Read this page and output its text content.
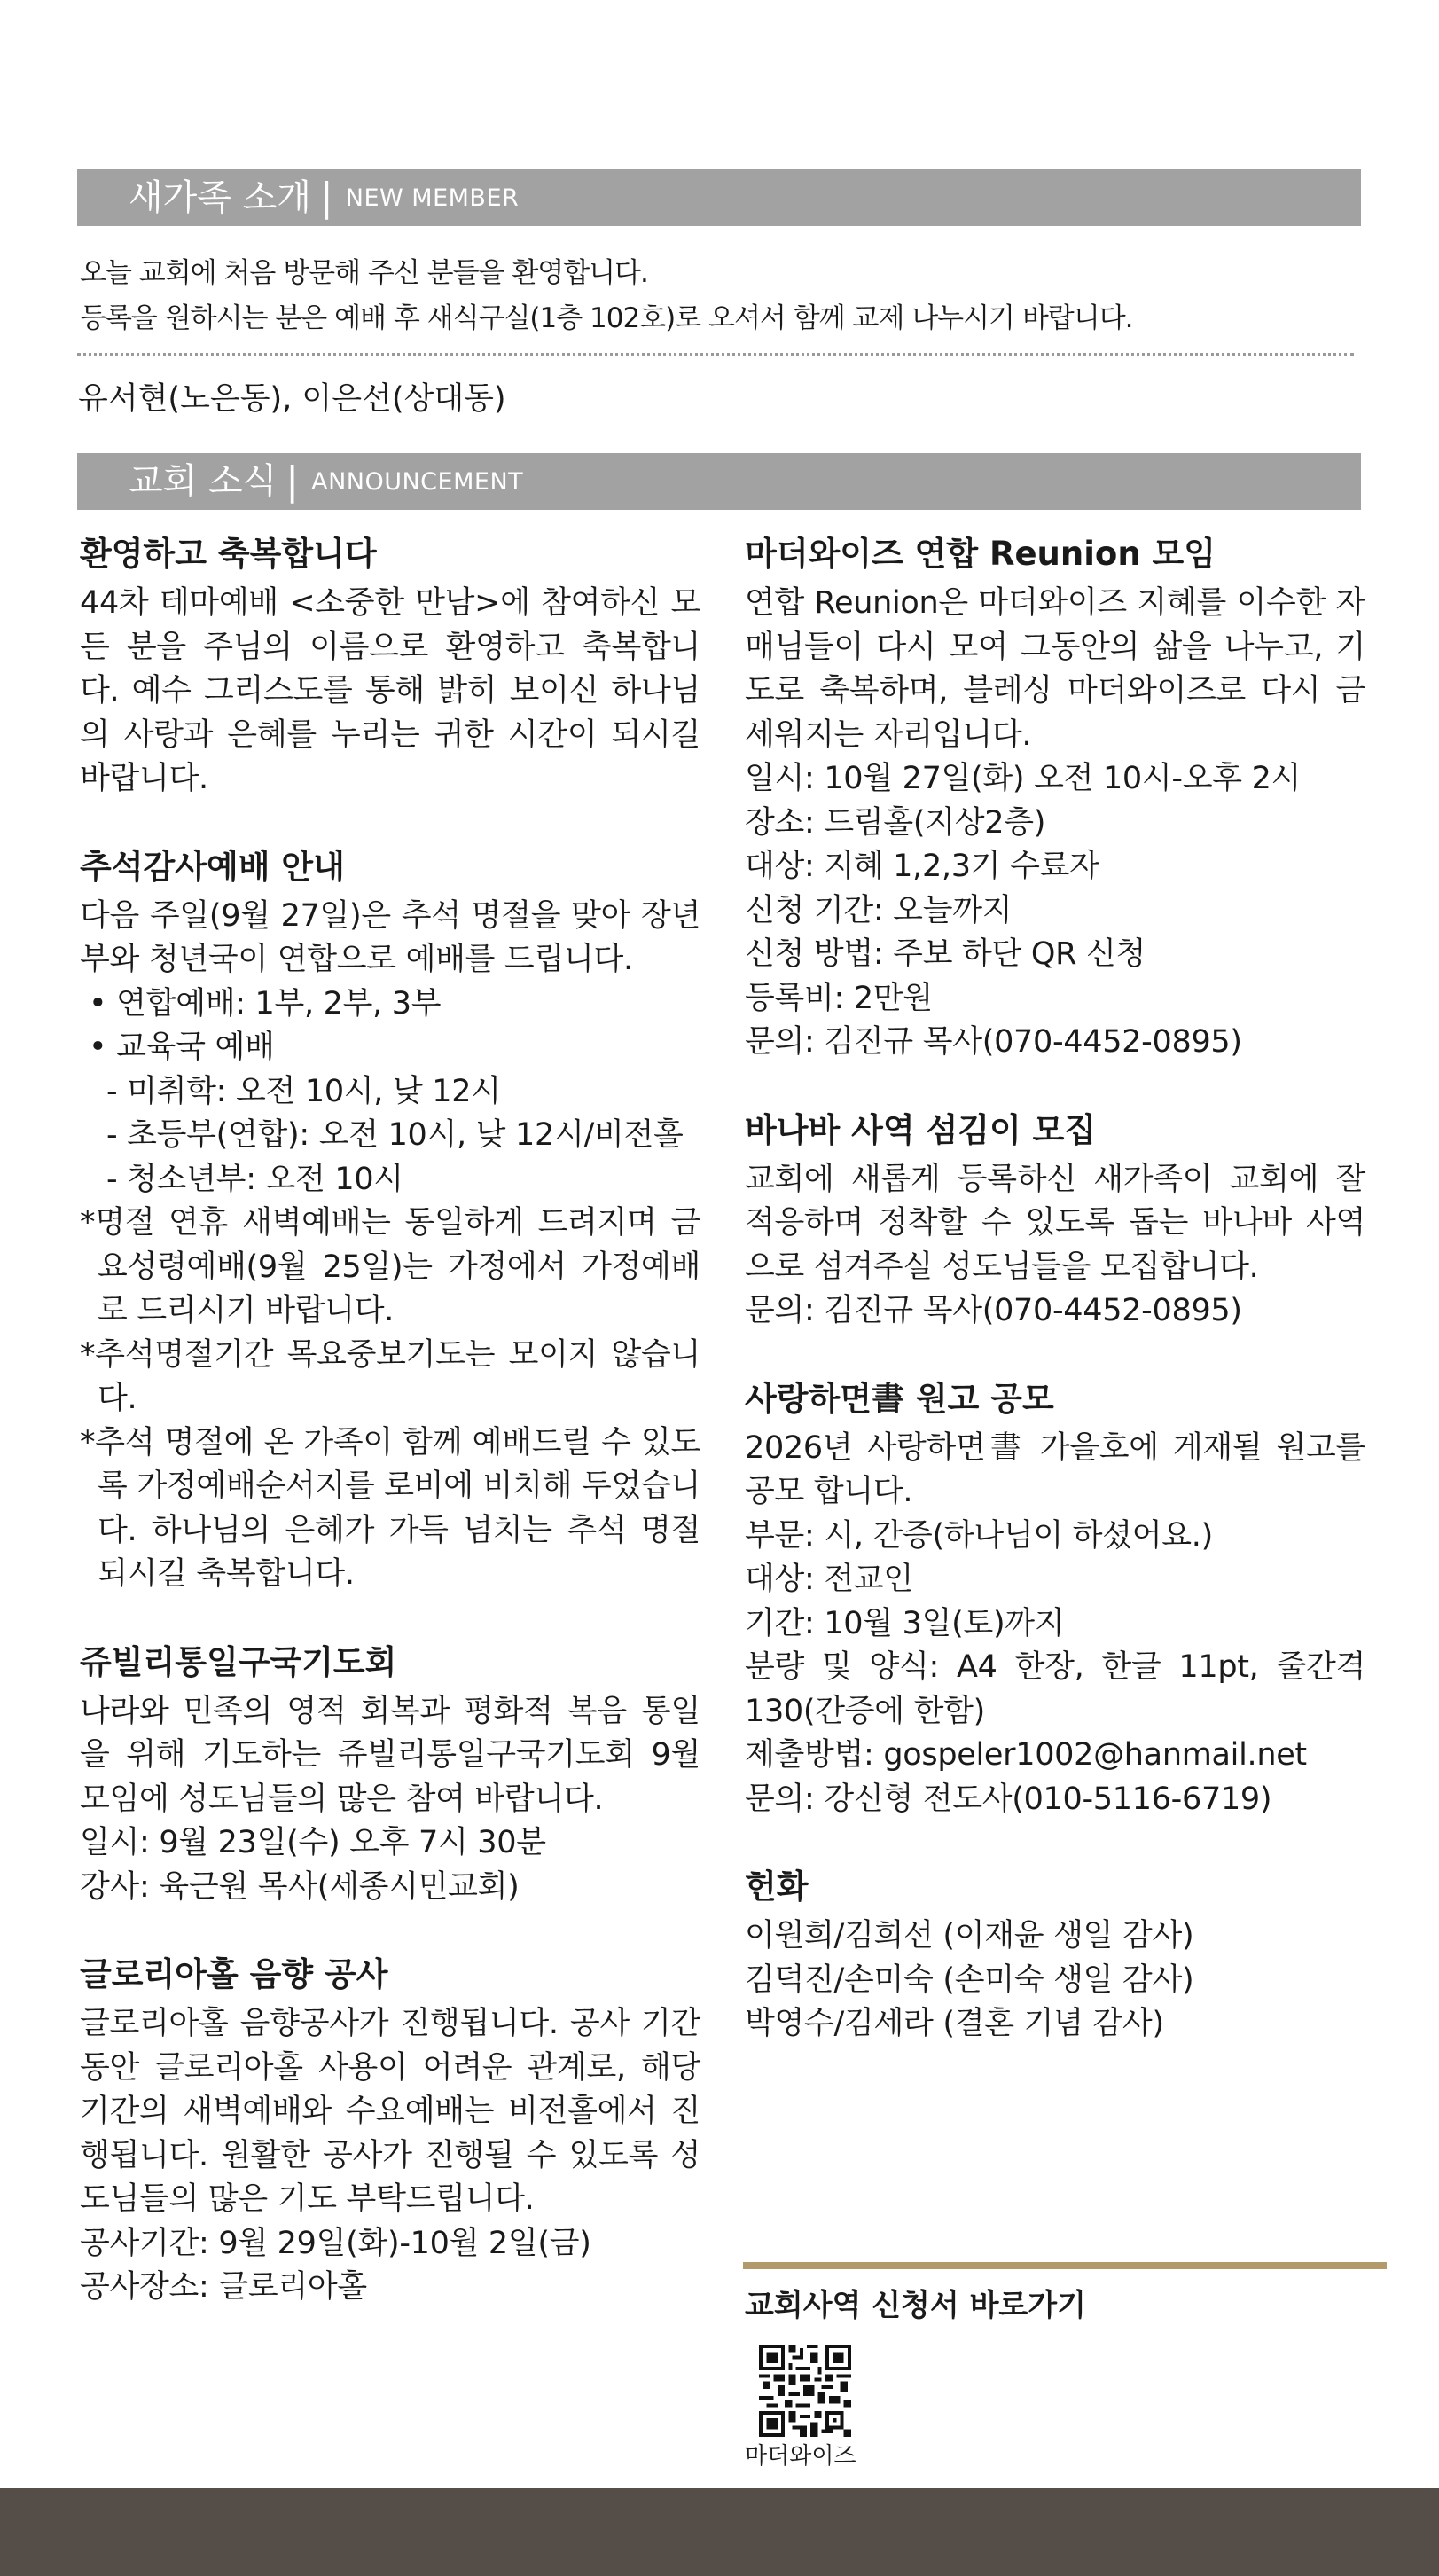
새가족 소개 | NEW MEMBER
오늘 교회에 처음 방문해 주신 분들을 환영합니다.
등록을 원하시는 분은 예배 후 새식구실(1층 102호)로 오셔서 함께 교제 나누시기 바랍니다.
유서현(노은동), 이은선(상대동)
교회 소식 | ANNOUNCEMENT
환영하고 축복합니다
44차 테마예배 <소중한 만남>에 참여하신 모든 분을 주님의 이름으로 환영하고 축복합니다. 예수 그리스도를 통해 밝히 보이신 하나님의 사랑과 은혜를 누리는 귀한 시간이 되시길 바랍니다.
추석감사예배 안내
다음 주일(9월 27일)은 추석 명절을 맞아 장년부와 청년국이 연합으로 예배를 드립니다.
• 연합예배: 1부, 2부, 3부
• 교육국 예배
- 미취학: 오전 10시, 낮 12시
- 초등부(연합): 오전 10시, 낮 12시/비전홀
- 청소년부: 오전 10시
*명절 연휴 새벽예배는 동일하게 드려지며 금요성령예배(9월 25일)는 가정에서 가정예배로 드리시기 바랍니다.
*추석명절기간 목요중보기도는 모이지 않습니다.
*추석 명절에 온 가족이 함께 예배드릴 수 있도록 가정예배순서지를 로비에 비치해 두었습니다. 하나님의 은혜가 가득 넘치는 추석 명절 되시길 축복합니다.
쥬빌리통일구국기도회
나라와 민족의 영적 회복과 평화적 복음 통일을 위해 기도하는 쥬빌리통일구국기도회 9월 모임에 성도님들의 많은 참여 바랍니다.
일시: 9월 23일(수) 오후 7시 30분
강사: 육근원 목사(세종시민교회)
글로리아홀 음향 공사
글로리아홀 음향공사가 진행됩니다. 공사 기간 동안 글로리아홀 사용이 어려운 관계로, 해당 기간의 새벽예배와 수요예배는 비전홀에서 진행됩니다. 원활한 공사가 진행될 수 있도록 성도님들의 많은 기도 부탁드립니다.
공사기간: 9월 29일(화)-10월 2일(금)
공사장소: 글로리아홀
마더와이즈 연합 Reunion 모임
연합 Reunion은 마더와이즈 지혜를 이수한 자매님들이 다시 모여 그동안의 삶을 나누고, 기도로 축복하며, 블레싱 마더와이즈로 다시 금 세워지는 자리입니다.
일시: 10월 27일(화) 오전 10시-오후 2시
장소: 드림홀(지상2층)
대상: 지혜 1,2,3기 수료자
신청 기간: 오늘까지
신청 방법: 주보 하단 QR 신청
등록비: 2만원
문의: 김진규 목사(070-4452-0895)
바나바 사역 섬김이 모집
교회에 새롭게 등록하신 새가족이 교회에 잘 적응하며 정착할 수 있도록 돕는 바나바 사역으로 섬겨주실 성도님들을 모집합니다.
문의: 김진규 목사(070-4452-0895)
사랑하면書 원고 공모
2026년 사랑하면書 가을호에 게재될 원고를 공모 합니다.
부문: 시, 간증(하나님이 하셨어요.)
대상: 전교인
기간: 10월 3일(토)까지
분량 및 양식: A4 한장, 한글 11pt, 줄간격 130(간증에 한함)
제출방법: gospeler1002@hanmail.net
문의: 강신형 전도사(010-5116-6719)
헌화
이원희/김희선 (이재윤 생일 감사)
김덕진/손미숙 (손미숙 생일 감사)
박영수/김세라 (결혼 기념 감사)
교회사역 신청서 바로가기
마더와이즈
